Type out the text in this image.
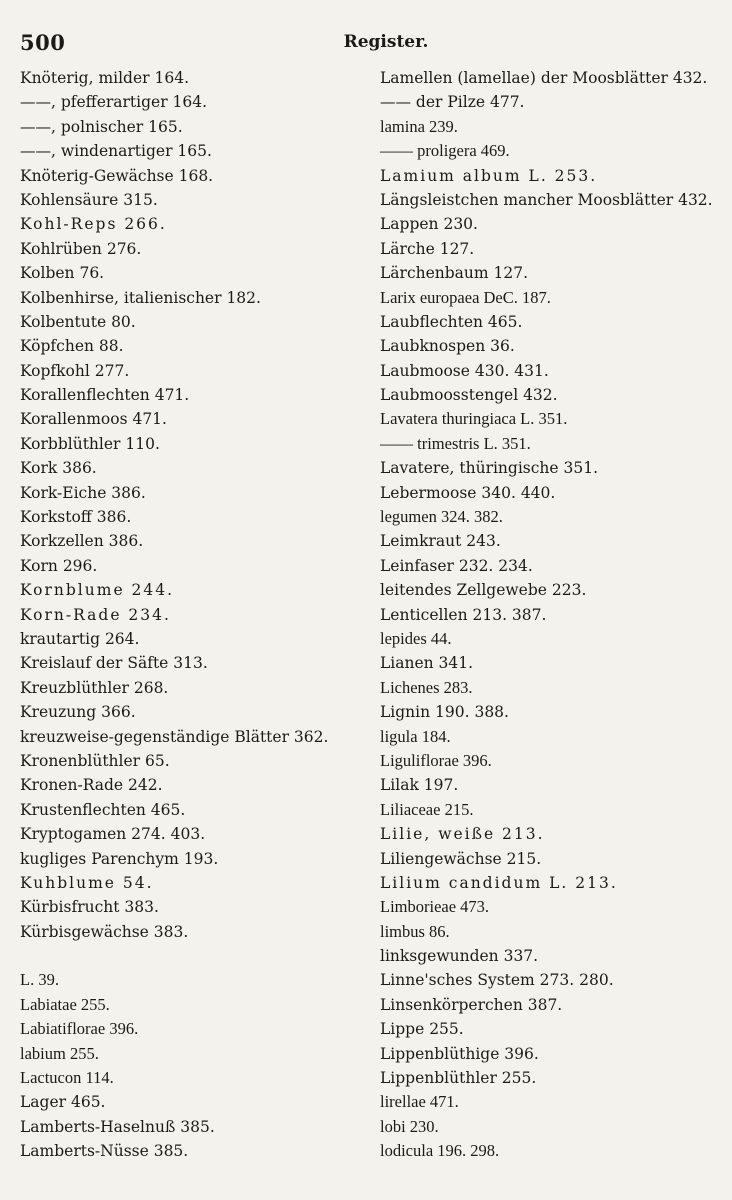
500	Register.
Knöterig, milder 164.
——, pfefferartiger 164.
——, polnischer 165.
——, windenartiger 165.
Knöterig-Gewächse 168.
Kohlensäure 315.
Kohl-Reps 266.
Kohlrüben 276.
Kolben 76.
Kolbenhirse, italienischer 182.
Kolbentute 80.
Köpfchen 88.
Kopfkohl 277.
Korallenflechten 471.
Korallenmoos 471.
Korbblüthler 110.
Kork 386.
Kork-Eiche 386.
Korkstoff 386.
Korkzellen 386.
Korn 296.
Kornblume 244.
Korn-Rade 234.
krautartig 264.
Kreislauf der Säfte 313.
Kreuzblüthler 268.
Kreuzung 366.
kreuzweise-gegenständige Blätter 362.
Kronenblüthler 65.
Kronen-Rade 242.
Krustenflechten 465.
Kryptogamen 274. 403.
kugliges Parenchym 193.
Kuhblume 54.
Kürbisfrucht 383.
Kürbisgewächse 383.
L. 39.
Labiatae 255.
Labiatiflorae 396.
labium 255.
Lactucon 114.
Lager 465.
Lamberts-Haselnuß 385.
Lamberts-Nüsse 385.
Lamellen (lamellae) der Moosblätter 432.
—— der Pilze 477.
lamina 239.
—— proligera 469.
Lamium album L. 253.
Längsleistchen mancher Moosblätter 432.
Lappen 230.
Lärche 127.
Lärchenbaum 127.
Larix europaea DeC. 187.
Laubflechten 465.
Laubknospen 36.
Laubmoose 430. 431.
Laubmoosstengel 432.
Lavatera thuringiaca L. 351.
—— trimestris L. 351.
Lavatere, thüringische 351.
Lebermoose 340. 440.
legumen 324. 382.
Leimkraut 243.
Leinfaser 232. 234.
leitendes Zellgewebe 223.
Lenticellen 213. 387.
lepides 44.
Lianen 341.
Lichenes 283.
Lignin 190. 388.
ligula 184.
Liguliflorae 396.
Lilak 197.
Liliaceae 215.
Lilie, weiße 213.
Liliengewächse 215.
Lilium candidum L. 213.
Limborieae 473.
limbus 86.
linksgewunden 337.
Linne'sches System 273. 280.
Linsenkörperchen 387.
Lippe 255.
Lippenblüthige 396.
Lippenblüthler 255.
lirellae 471.
lobi 230.
lodicula 196. 298.
